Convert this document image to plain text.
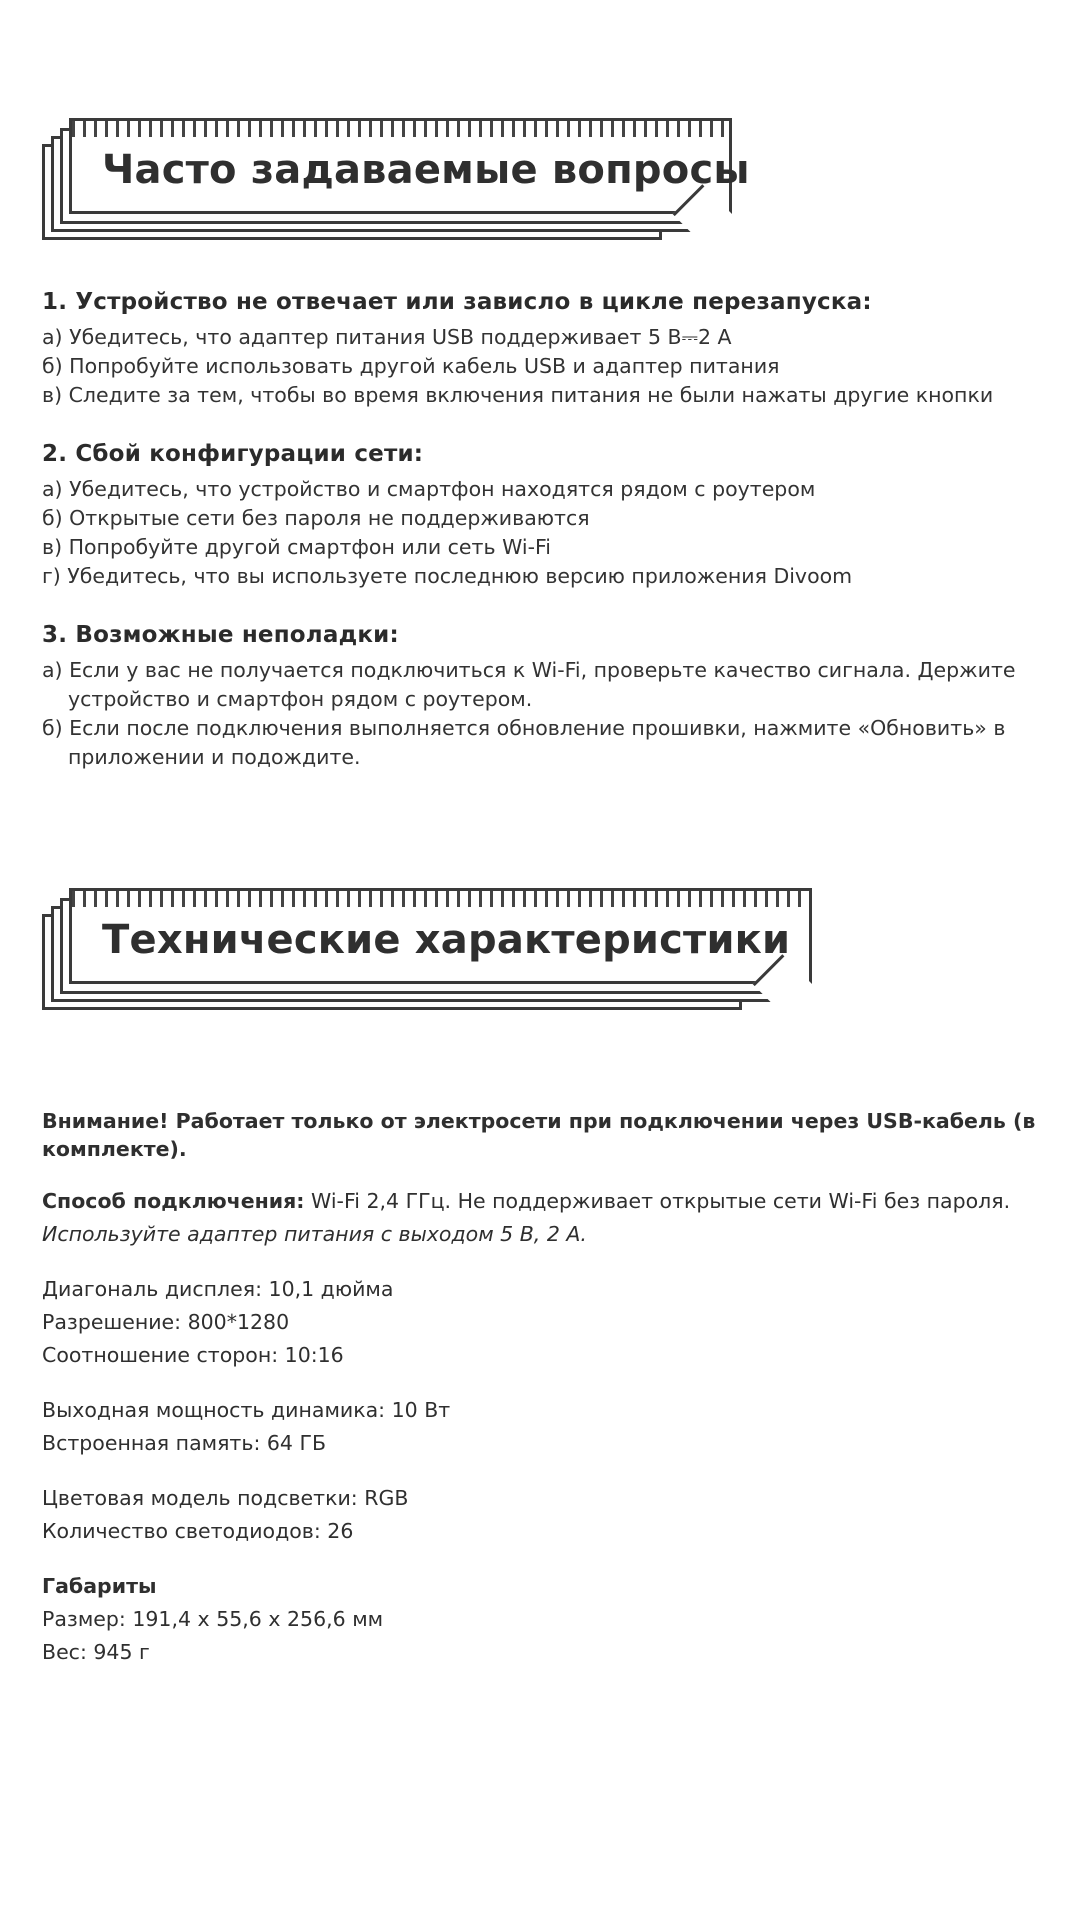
Часто задаваемые вопросы
1. Устройство не отвечает или зависло в цикле перезапуска:

а) Убедитесь, что адаптер питания USB поддерживает 5 В⎓2 A

б) Попробуйте использовать другой кабель USB и адаптер питания

в) Следите за тем, чтобы во время включения питания не были нажаты другие кнопки

2. Сбой конфигурации сети:

а) Убедитесь, что устройство и смартфон находятся рядом с роутером

б) Открытые сети без пароля не поддерживаются

в) Попробуйте другой смартфон или сеть Wi-Fi

г) Убедитесь, что вы используете последнюю версию приложения Divoom

3. Возможные неполадки:

а) Если у вас не получается подключиться к Wi-Fi, проверьте качество сигнала. Держите устройство и смартфон рядом с роутером.

б) Если после подключения выполняется обновление прошивки, нажмите «Обновить» в приложении и подождите.

Технические характеристики

Внимание! Работает только от электросети при подключении через USB-кабель (в комплекте).

Способ подключения: Wi-Fi 2,4 ГГц. Не поддерживает открытые сети Wi-Fi без пароля.

Используйте адаптер питания с выходом 5 В, 2 А.

Диагональ дисплея: 10,1 дюйма

Разрешение: 800*1280

Соотношение сторон: 10:16

Выходная мощность динамика: 10 Вт

Встроенная память: 64 ГБ

Цветовая модель подсветки: RGB

Количество светодиодов: 26

Габариты

Размер: 191,4 x 55,6 x 256,6 мм

Вес: 945 г
